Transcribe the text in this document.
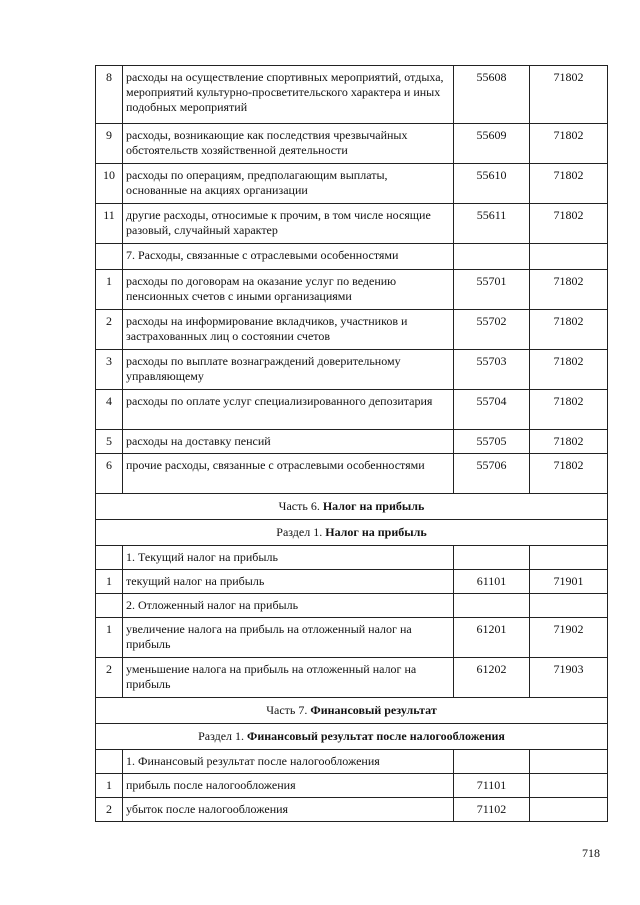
8	расходы на осуществление спортивных мероприятий, отдыха, мероприятий культурно-просветительского характера и иных подобных мероприятий	55608	71802
9	расходы, возникающие как последствия чрезвычайных обстоятельств хозяйственной деятельности	55609	71802
10	расходы по операциям, предполагающим выплаты, основанные на акциях организации	55610	71802
11	другие расходы, относимые к прочим, в том числе носящие разовый, случайный характер	55611	71802
	7. Расходы, связанные с отраслевыми особенностями		
1	расходы по договорам на оказание услуг по ведению пенсионных счетов с иными организациями	55701	71802
2	расходы на информирование вкладчиков, участников и застрахованных лиц о состоянии счетов	55702	71802
3	расходы по выплате вознаграждений доверительному управляющему	55703	71802
4	расходы по оплате услуг специализированного депозитария	55704	71802
5	расходы на доставку пенсий	55705	71802
6	прочие расходы, связанные с отраслевыми особенностями	55706	71802
Часть 6. Налог на прибыль			
Раздел 1. Налог на прибыль			
	1. Текущий налог на прибыль		
1	текущий налог на прибыль	61101	71901
	2. Отложенный налог на прибыль		
1	увеличение налога на прибыль на отложенный налог на прибыль	61201	71902
2	уменьшение налога на прибыль на отложенный налог на прибыль	61202	71903
Часть 7. Финансовый результат			
Раздел 1. Финансовый результат после налогообложения			
	1. Финансовый результат после налогообложения		
1	прибыль после налогообложения	71101	
2	убыток после налогообложения	71102	
718
